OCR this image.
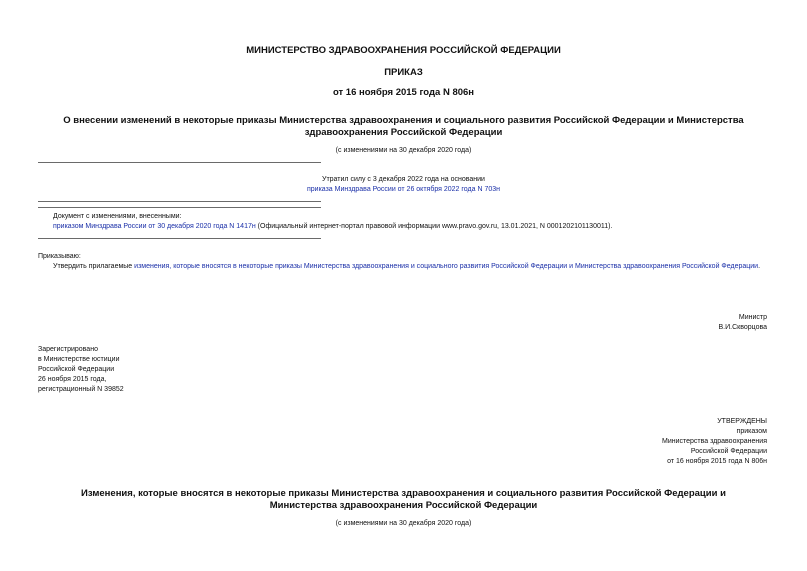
МИНИСТЕРСТВО ЗДРАВООХРАНЕНИЯ РОССИЙСКОЙ ФЕДЕРАЦИИ
ПРИКАЗ
от 16 ноября 2015 года N 806н
О внесении изменений в некоторые приказы Министерства здравоохранения и социального развития Российской Федерации и Министерства здравоохранения Российской Федерации
(с изменениями на 30 декабря 2020 года)
Утратил силу с 3 декабря 2022 года на основании
приказа Минздрава России от 26 октября 2022 года N 703н
Документ с изменениями, внесенными:
приказом Минздрава России от 30 декабря 2020 года N 1417н (Официальный интернет-портал правовой информации www.pravo.gov.ru, 13.01.2021, N 0001202101130011).
Приказываю:
Утвердить прилагаемые изменения, которые вносятся в некоторые приказы Министерства здравоохранения и социального развития Российской Федерации и Министерства здравоохранения Российской Федерации.
Министр
В.И.Скворцова
Зарегистрировано
в Министерстве юстиции
Российской Федерации
26 ноября 2015 года,
регистрационный N 39852
УТВЕРЖДЕНЫ
приказом
Министерства здравоохранения
Российской Федерации
от 16 ноября 2015 года N 806н
Изменения, которые вносятся в некоторые приказы Министерства здравоохранения и социального развития Российской Федерации и Министерства здравоохранения Российской Федерации
(с изменениями на 30 декабря 2020 года)
